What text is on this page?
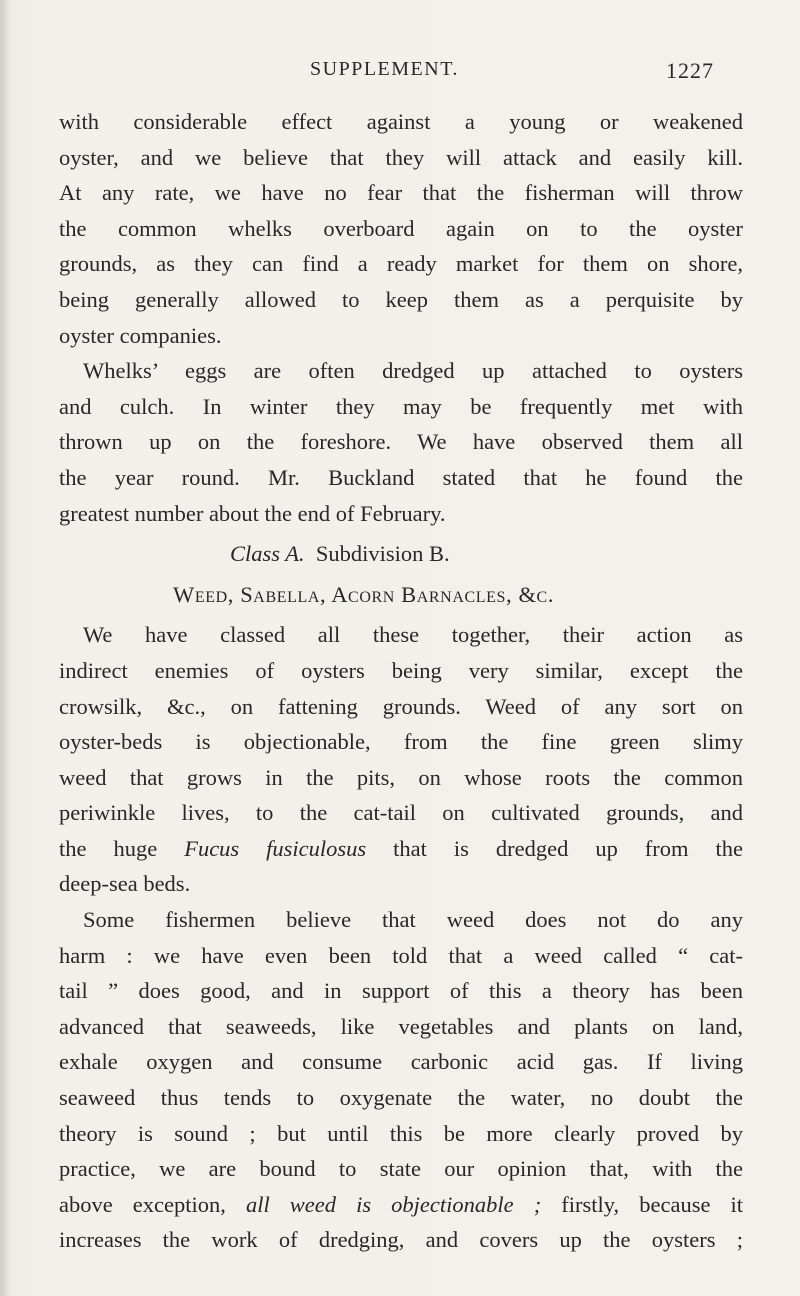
SUPPLEMENT.	1227
with considerable effect against a young or weakened
oyster, and we believe that they will attack and easily kill.
At any rate, we have no fear that the fisherman will throw
the common whelks overboard again on to the oyster
grounds, as they can find a ready market for them on shore,
being generally allowed to keep them as a perquisite by
oyster companies.
Whelks’ eggs are often dredged up attached to oysters
and culch. In winter they may be frequently met with
thrown up on the foreshore. We have observed them all
the year round. Mr. Buckland stated that he found the
greatest number about the end of February.
Class A. Subdivision B.
Weed, Sabella, Acorn Barnacles, &c.
We have classed all these together, their action as
indirect enemies of oysters being very similar, except the
crowsilk, &c., on fattening grounds. Weed of any sort on
oyster-beds is objectionable, from the fine green slimy
weed that grows in the pits, on whose roots the common
periwinkle lives, to the cat-tail on cultivated grounds, and
the huge Fucus fusiculosus that is dredged up from the
deep-sea beds.
Some fishermen believe that weed does not do any
harm : we have even been told that a weed called “ cat-
tail ” does good, and in support of this a theory has been
advanced that seaweeds, like vegetables and plants on land,
exhale oxygen and consume carbonic acid gas. If living
seaweed thus tends to oxygenate the water, no doubt the
theory is sound ; but until this be more clearly proved by
practice, we are bound to state our opinion that, with the
above exception, all weed is objectionable ; firstly, because it
increases the work of dredging, and covers up the oysters ;
